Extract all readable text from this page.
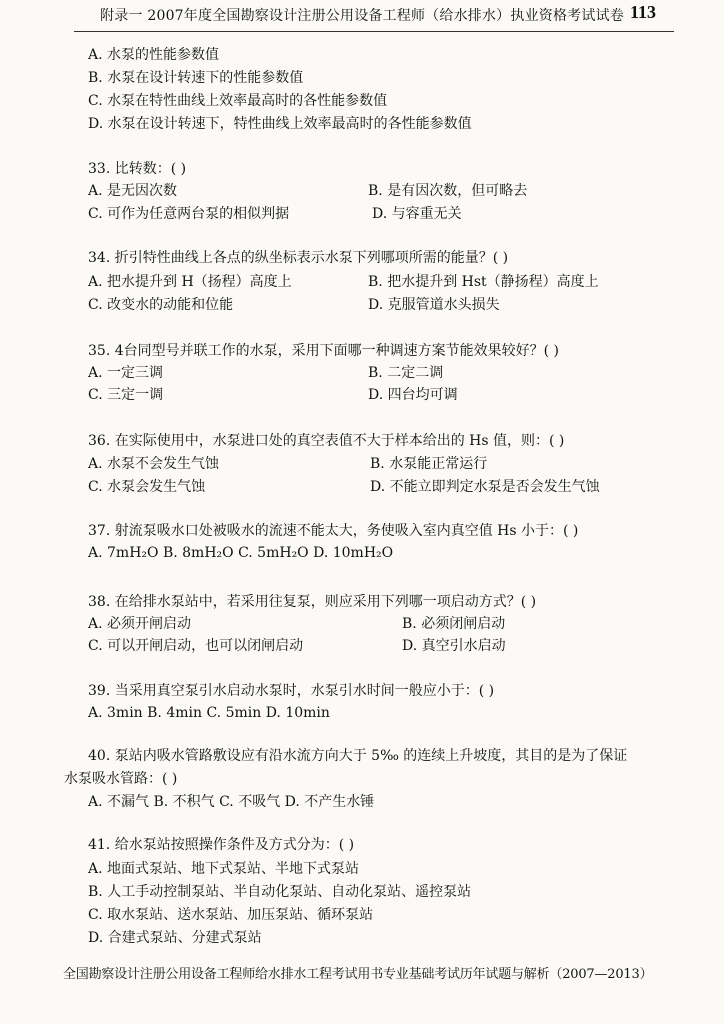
附录一 2007年度全国勘察设计注册公用设备工程师（给水排水）执业资格考试试卷 113
A. 水泵的性能参数值
B. 水泵在设计转速下的性能参数值
C. 水泵在特性曲线上效率最高时的各性能参数值
D. 水泵在设计转速下，特性曲线上效率最高时的各性能参数值
33. 比转数：( )
A. 是无因次数	B. 是有因次数，但可略去
C. 可作为任意两台泵的相似判据	D. 与容重无关
34. 折引特性曲线上各点的纵坐标表示水泵下列哪项所需的能量？( )
A. 把水提升到 H（扬程）高度上	B. 把水提升到 Hst（静扬程）高度上
C. 改变水的动能和位能	D. 克服管道水头损失
35. 4台同型号并联工作的水泵，采用下面哪一种调速方案节能效果较好？( )
A. 一定三调	B. 二定二调
C. 三定一调	D. 四台均可调
36. 在实际使用中，水泵进口处的真空表值不大于样本给出的 Hs 值，则：( )
A. 水泵不会发生气蚀	B. 水泵能正常运行
C. 水泵会发生气蚀	D. 不能立即判定水泵是否会发生气蚀
37. 射流泵吸水口处被吸水的流速不能太大，务使吸入室内真空值 Hs 小于：( )
A. 7mH₂O B. 8mH₂O C. 5mH₂O D. 10mH₂O
38. 在给排水泵站中，若采用往复泵，则应采用下列哪一项启动方式？( )
A. 必须开闸启动	B. 必须闭闸启动
C. 可以开闸启动，也可以闭闸启动	D. 真空引水启动
39. 当采用真空泵引水启动水泵时，水泵引水时间一般应小于：( )
A. 3min B. 4min C. 5min D. 10min
40. 泵站内吸水管路敷设应有沿水流方向大于 5‰ 的连续上升坡度，其目的是为了保证
水泵吸水管路：( )
A. 不漏气 B. 不积气 C. 不吸气 D. 不产生水锤
41. 给水泵站按照操作条件及方式分为：( )
A. 地面式泵站、地下式泵站、半地下式泵站
B. 人工手动控制泵站、半自动化泵站、自动化泵站、遥控泵站
C. 取水泵站、送水泵站、加压泵站、循环泵站
D. 合建式泵站、分建式泵站
全国勘察设计注册公用设备工程师给水排水工程考试用书专业基础考试历年试题与解析（2007—2013）
